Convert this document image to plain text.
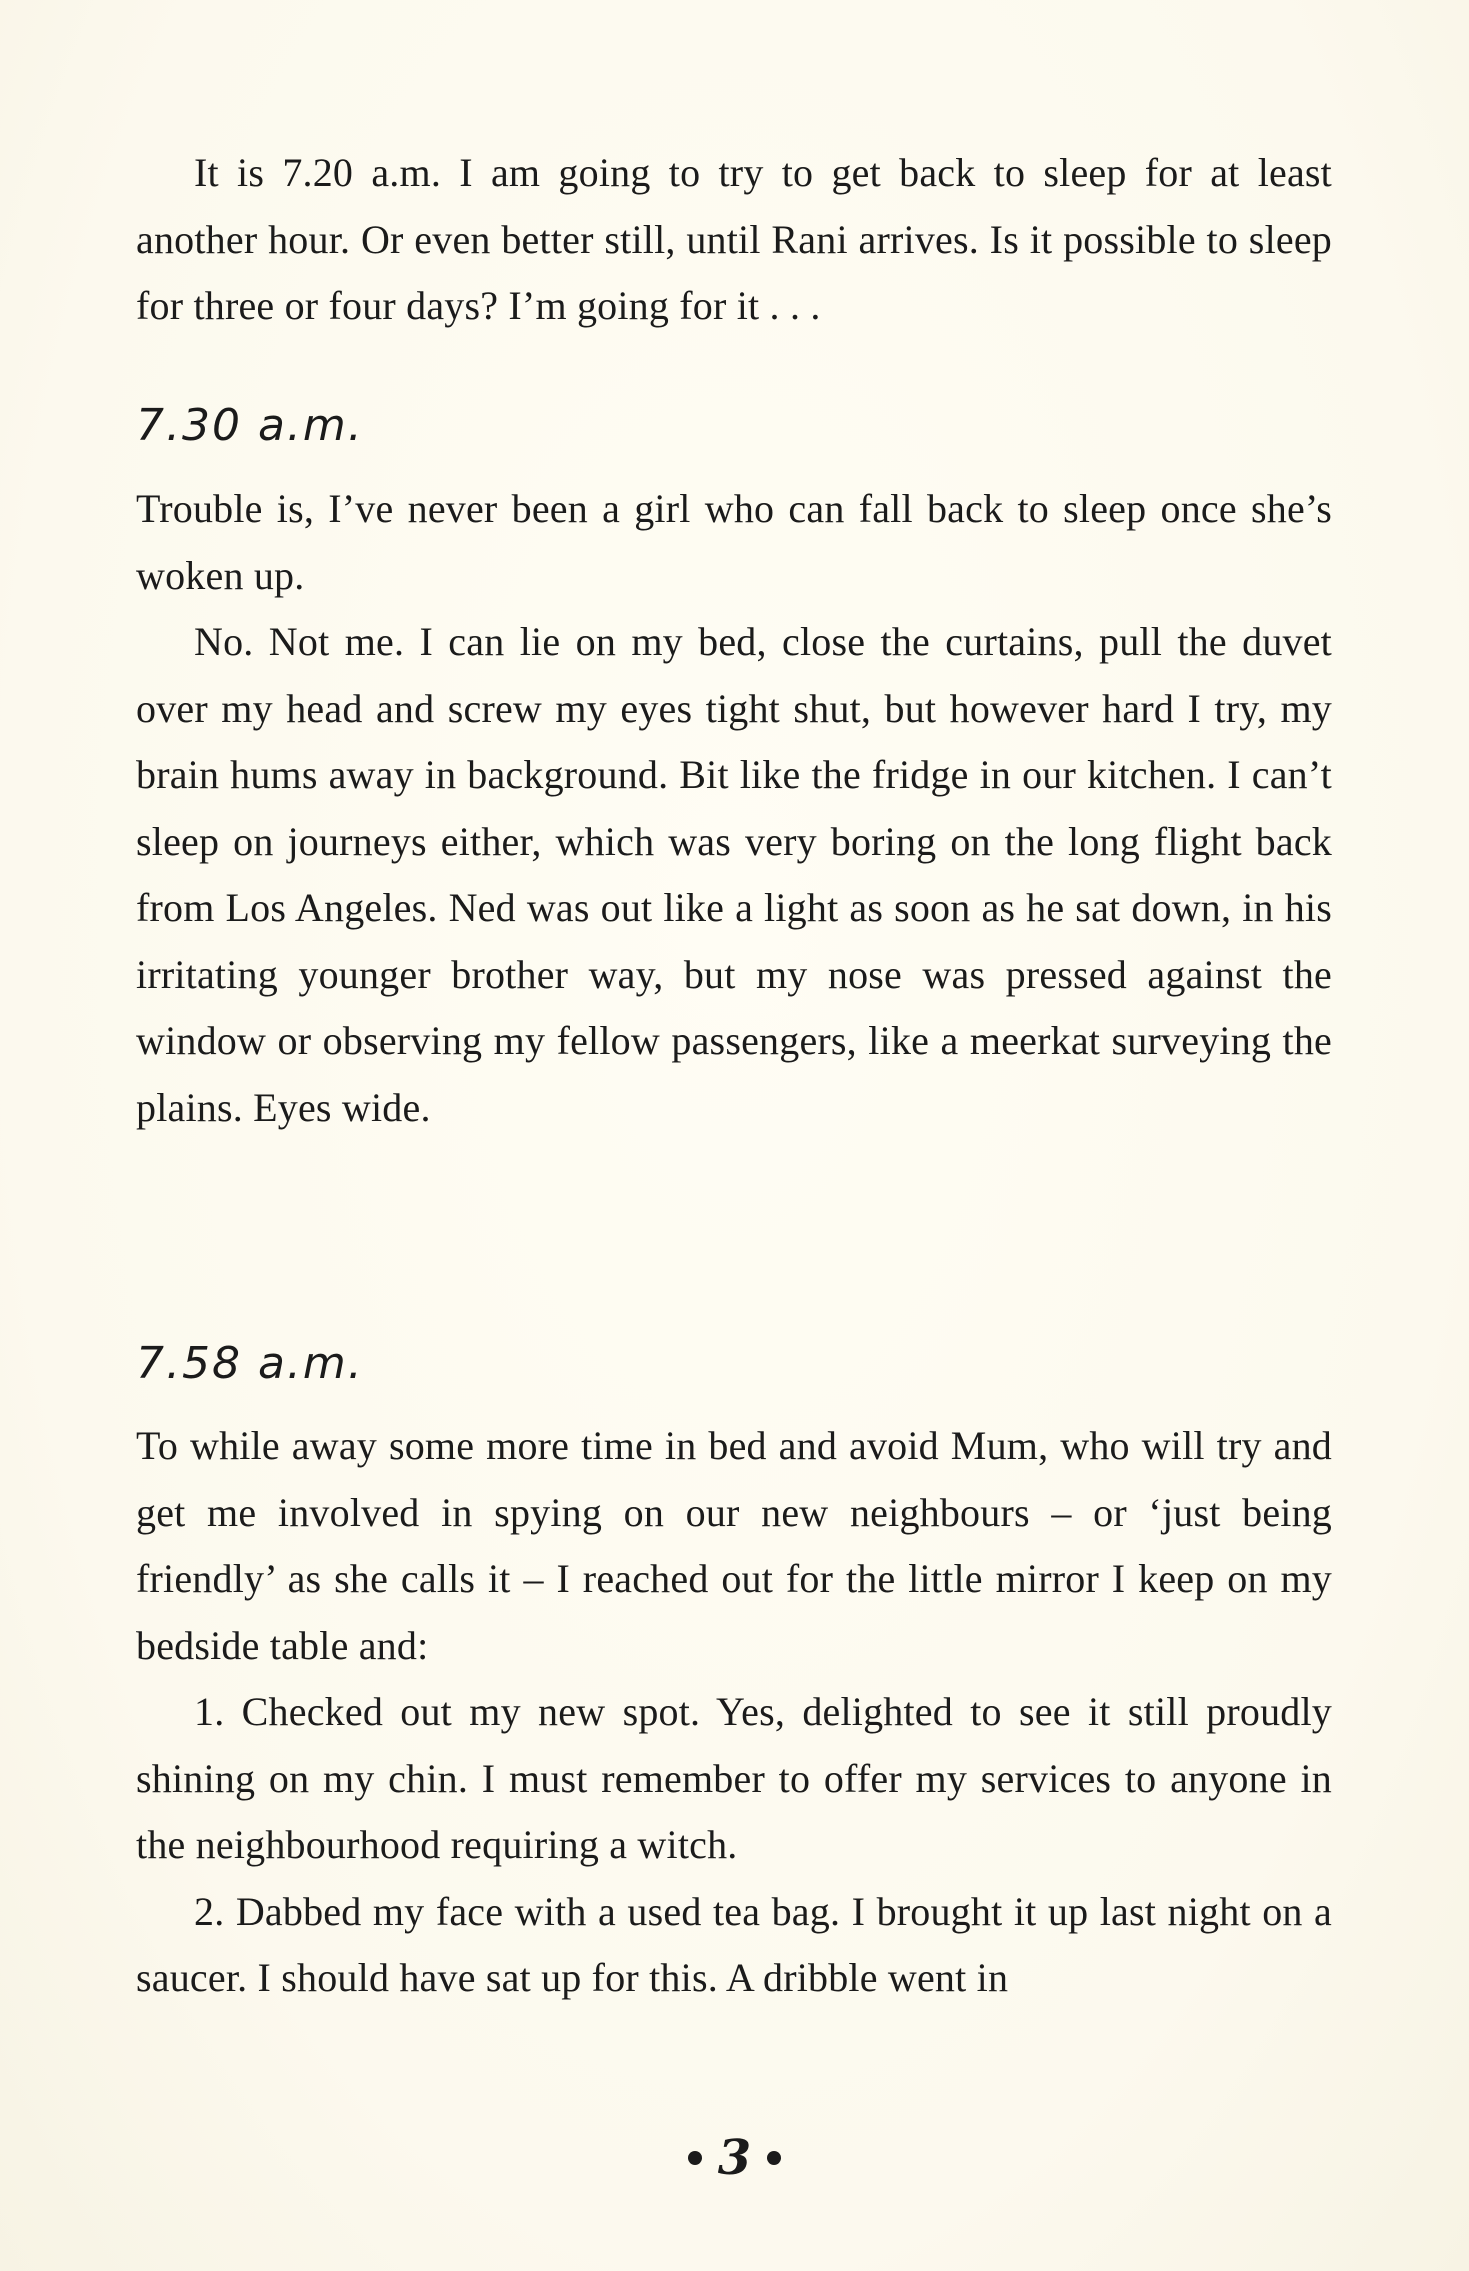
It is 7.20 a.m. I am going to try to get back to sleep for at least another hour. Or even better still, until Rani arrives. Is it possible to sleep for three or four days? I’m going for it . . .

7.30 a.m.

Trouble is, I’ve never been a girl who can fall back to sleep once she’s woken up.

No. Not me. I can lie on my bed, close the curtains, pull the duvet over my head and screw my eyes tight shut, but however hard I try, my brain hums away in background. Bit like the fridge in our kitchen. I can’t sleep on journeys either, which was very boring on the long flight back from Los Angeles. Ned was out like a light as soon as he sat down, in his irritating younger brother way, but my nose was pressed against the window or observing my fellow passengers, like a meerkat surveying the plains. Eyes wide.

7.58 a.m.

To while away some more time in bed and avoid Mum, who will try and get me involved in spying on our new neighbours – or ‘just being friendly’ as she calls it – I reached out for the little mirror I keep on my bedside table and:

1. Checked out my new spot. Yes, delighted to see it still proudly shining on my chin. I must remember to offer my services to anyone in the neighbourhood requiring a witch.

2. Dabbed my face with a used tea bag. I brought it up last night on a saucer. I should have sat up for this. A dribble went in

3
